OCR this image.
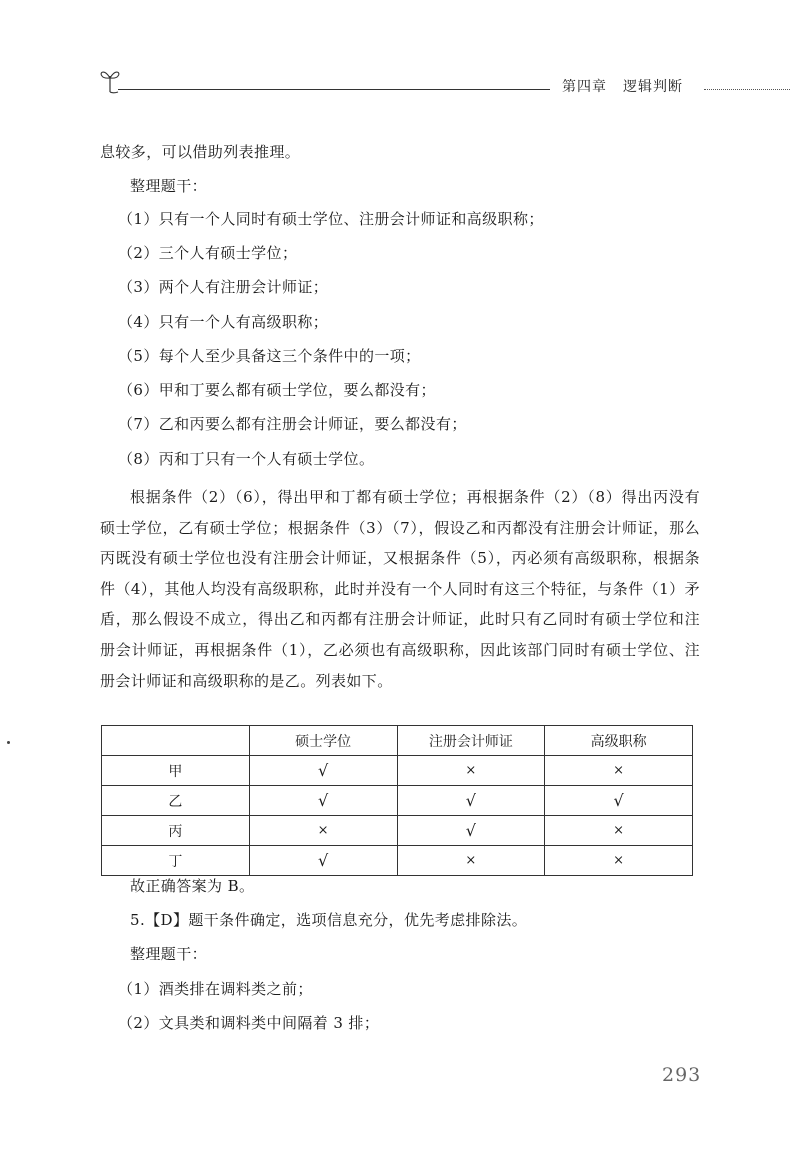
第四章 逻辑判断
息较多，可以借助列表推理。
整理题干：
（1）只有一个人同时有硕士学位、注册会计师证和高级职称；
（2）三个人有硕士学位；
（3）两个人有注册会计师证；
（4）只有一个人有高级职称；
（5）每个人至少具备这三个条件中的一项；
（6）甲和丁要么都有硕士学位，要么都没有；
（7）乙和丙要么都有注册会计师证，要么都没有；
（8）丙和丁只有一个人有硕士学位。
根据条件（2）（6），得出甲和丁都有硕士学位；再根据条件（2）（8）得出丙没有硕士学位，乙有硕士学位；根据条件（3）（7），假设乙和丙都没有注册会计师证，那么丙既没有硕士学位也没有注册会计师证，又根据条件（5），丙必须有高级职称，根据条件（4），其他人均没有高级职称，此时并没有一个人同时有这三个特征，与条件（1）矛盾，那么假设不成立，得出乙和丙都有注册会计师证，此时只有乙同时有硕士学位和注册会计师证，再根据条件（1），乙必须也有高级职称，因此该部门同时有硕士学位、注册会计师证和高级职称的是乙。列表如下。
	硕士学位	注册会计师证	高级职称
甲	√	×	×
乙	√	√	√
丙	×	√	×
丁	√	×	×
故正确答案为 B。
5.【D】题干条件确定，选项信息充分，优先考虑排除法。
整理题干：
（1）酒类排在调料类之前；
（2）文具类和调料类中间隔着 3 排；
293
